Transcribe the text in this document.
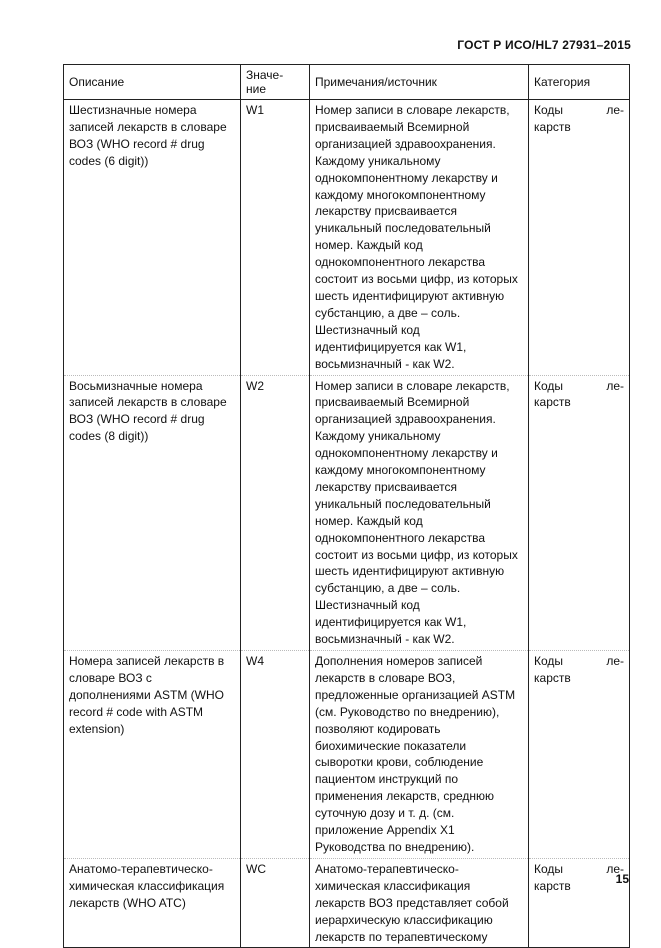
ГОСТ Р ИСО/HL7 27931–2015
Описание	Значе-
ние	Примечания/источник	Категория
Шестизначные номера записей лекарств в словаре ВОЗ (WHO record # drug codes (6 digit))	W1	Номер записи в словаре лекарств, присваиваемый Всемирной организацией здравоохранения. Каждому уникальному однокомпонентному лекарству и каждому многокомпонентному лекарству присваивается уникальный последовательный номер. Каждый код однокомпонентного лекарства состоит из восьми цифр, из которых шесть идентифицируют активную субстанцию, а две – соль. Шестизначный код идентифицируется как W1, восьмизначный - как W2.	Коды ле-
карств
Восьмизначные номера записей лекарств в словаре ВОЗ (WHO record # drug codes (8 digit))	W2	Номер записи в словаре лекарств, присваиваемый Всемирной организацией здравоохранения. Каждому уникальному однокомпонентному лекарству и каждому многокомпонентному лекарству присваивается уникальный последовательный номер. Каждый код однокомпонентного лекарства состоит из восьми цифр, из которых шесть идентифицируют активную субстанцию, а две – соль. Шестизначный код идентифицируется как W1, восьмизначный - как W2.	Коды ле-
карств
Номера записей лекарств в словаре ВОЗ с дополнениями ASTM (WHO record # code with ASTM extension)	W4	Дополнения номеров записей лекарств в словаре ВОЗ, предложенные организацией ASTM (см. Руководство по внедрению), позволяют кодировать биохимические показатели сыворотки крови, соблюдение пациентом инструкций по применения лекарств, среднюю суточную дозу и т. д. (см. приложение Appendix X1 Руководства по внедрению).	Коды ле-
карств
Анатомо-терапевтическо-химическая классификация лекарств (WHO ATC)	WC	Анатомо-терапевтическо-химическая классификация лекарств ВОЗ представляет собой иерархическую классификацию лекарств по терапевтическому	Коды ле-
карств	15
